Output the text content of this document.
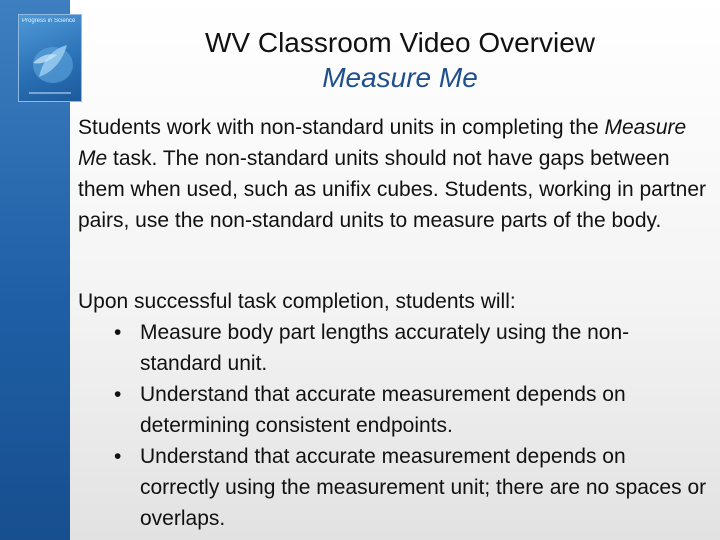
Progress in Science
WV Classroom Video Overview
Measure Me
Students work with non-standard units in completing the Measure Me task. The non-standard units should not have gaps between them when used, such as unifix cubes. Students, working in partner pairs, use the non-standard units to measure parts of the body.
Upon successful task completion, students will:
• Measure body part lengths accurately using the non-standard unit.
• Understand that accurate measurement depends on determining consistent endpoints.
• Understand that accurate measurement depends on correctly using the measurement unit; there are no spaces or overlaps.
